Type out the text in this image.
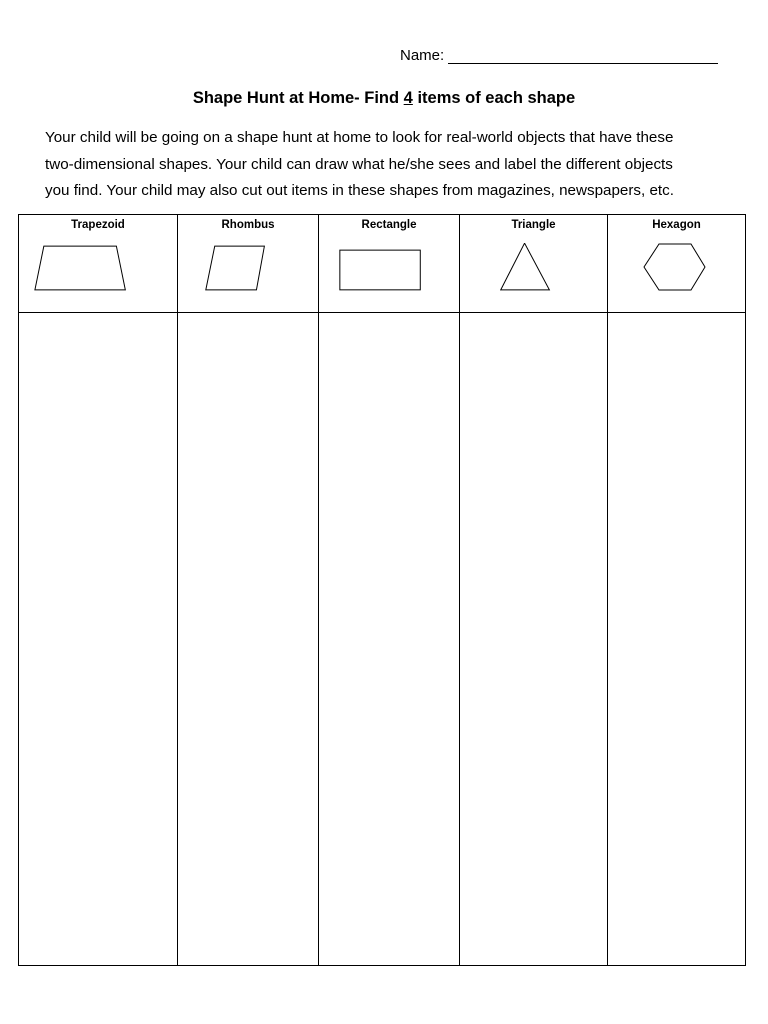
Name:
Shape Hunt at Home- Find 4 items of each shape

Your child will be going on a shape hunt at home to look for real-world objects that have these

two-dimensional shapes. Your child can draw what he/she sees and label the different objects

you find. Your child may also cut out items in these shapes from magazines, newspapers, etc.

Trapezoid	Rhombus	Rectangle	Triangle	Hexagon
